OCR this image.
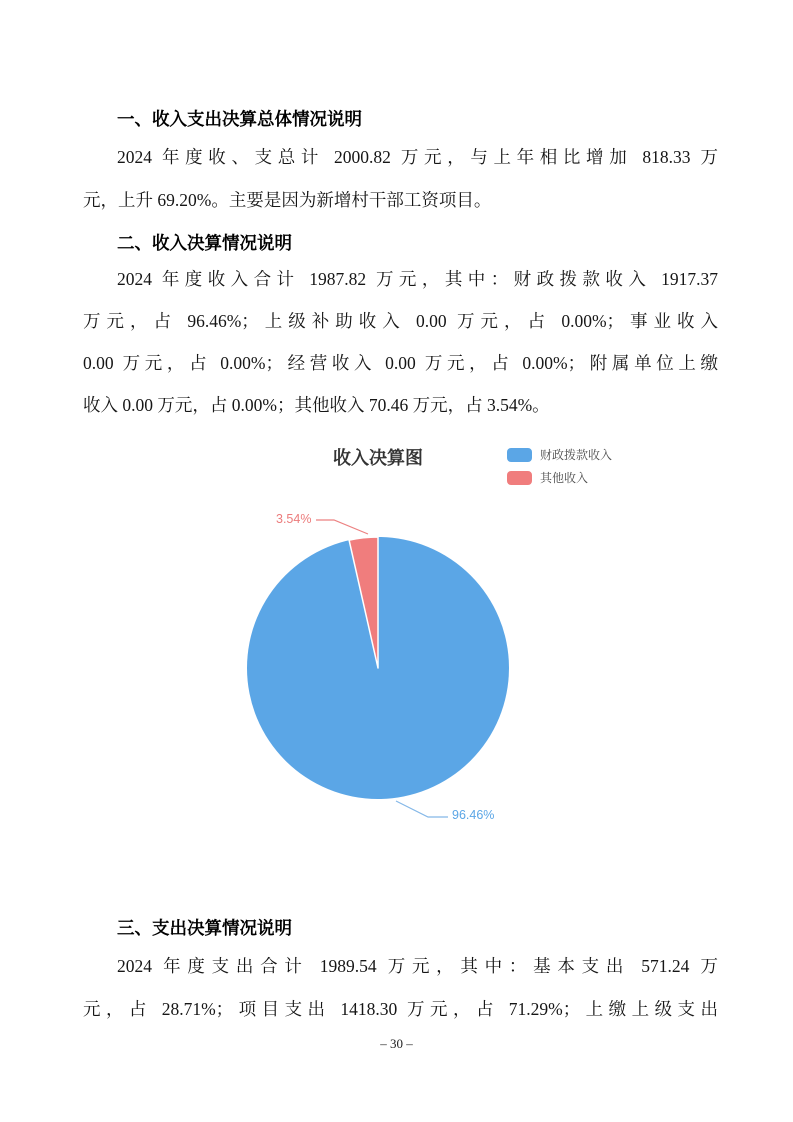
一、收入支出决算总体情况说明
2024 年度收、支总计 2000.82 万元，与上年相比增加 818.33 万
元，上升 69.20%。主要是因为新增村干部工资项目。
二、收入决算情况说明
2024 年度收入合计 1987.82 万元，其中：财政拨款收入 1917.37
万元，占 96.46%；上级补助收入 0.00 万元，占 0.00%；事业收入
0.00 万元，占 0.00%；经营收入 0.00 万元，占 0.00%；附属单位上缴
收入 0.00 万元，占 0.00%；其他收入 70.46 万元，占 3.54%。
收入决算图	财政拨款收入
其他收入
3.54%
96.46%
三、支出决算情况说明
2024 年度支出合计 1989.54 万元，其中：基本支出 571.24 万
元，占 28.71%；项目支出 1418.30 万元，占 71.29%；上缴上级支出
– 30 –
